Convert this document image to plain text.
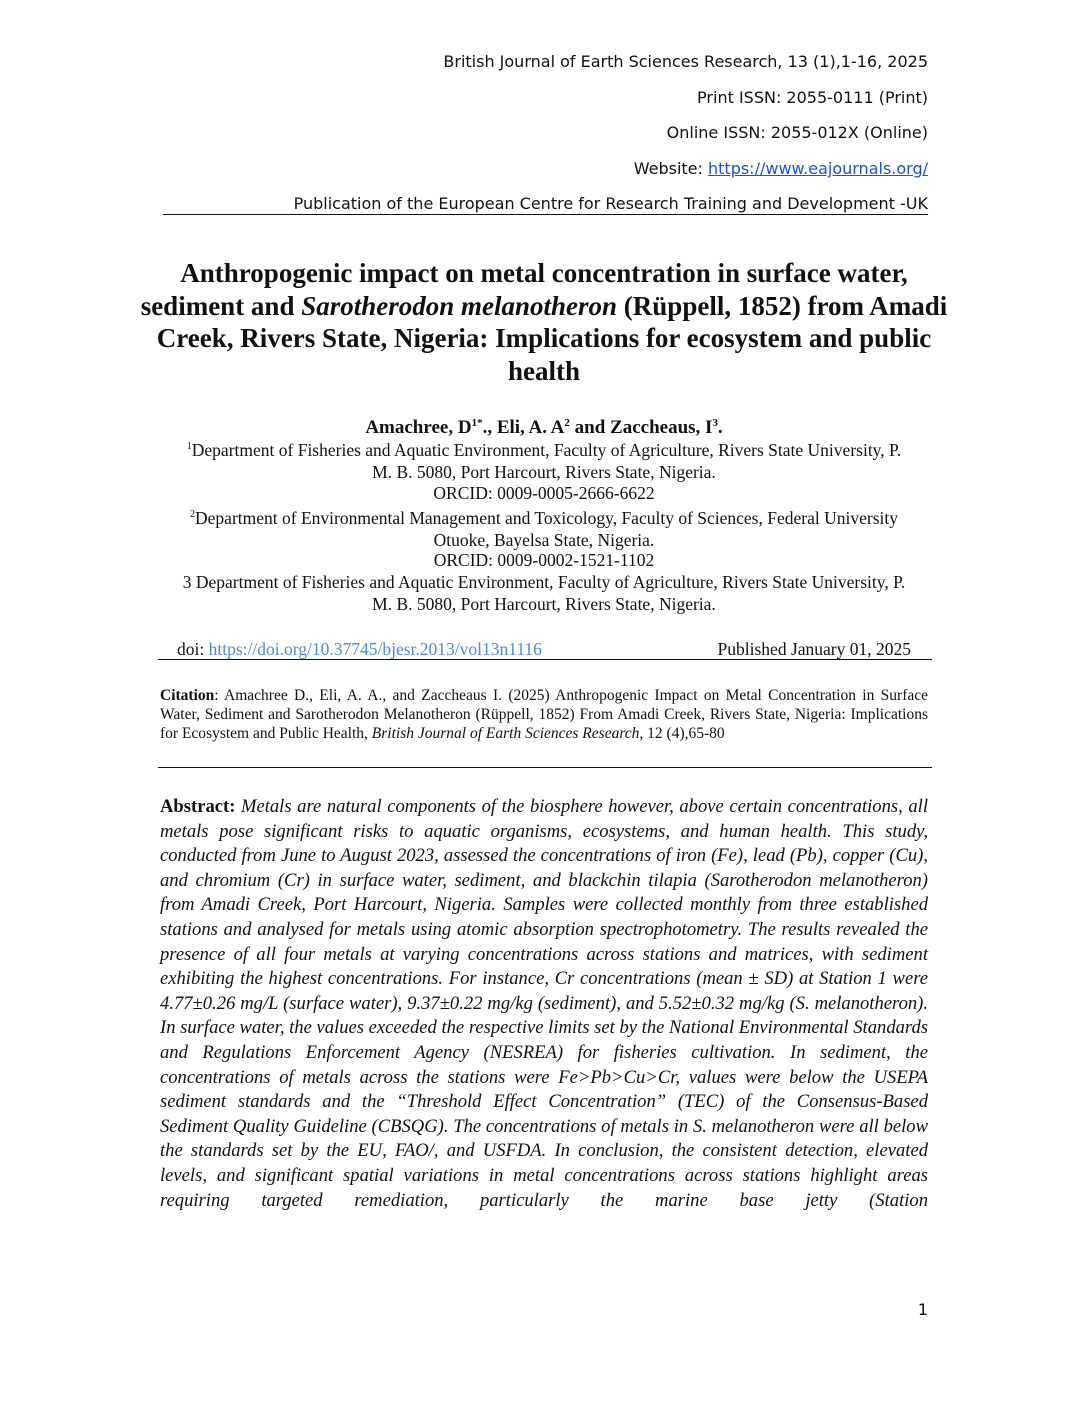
British Journal of Earth Sciences Research, 13 (1),1-16, 2025
Print ISSN: 2055-0111 (Print)
Online ISSN: 2055-012X (Online)
Website: https://www.eajournals.org/
Publication of the European Centre for Research Training and Development -UK
Anthropogenic impact on metal concentration in surface water, sediment and Sarotherodon melanotheron (Rüppell, 1852) from Amadi Creek, Rivers State, Nigeria: Implications for ecosystem and public health
Amachree, $D^{1*}$., Eli, A. $A^2$ and Zaccheaus, $I^3$.
$^1$Department of Fisheries and Aquatic Environment, Faculty of Agriculture, Rivers State University, P. M. B. 5080, Port Harcourt, Rivers State, Nigeria.
ORCID: 0009-0005-2666-6622
$^2$Department of Environmental Management and Toxicology, Faculty of Sciences, Federal University Otuoke, Bayelsa State, Nigeria.
ORCID: 0009-0002-1521-1102
3 Department of Fisheries and Aquatic Environment, Faculty of Agriculture, Rivers State University, P. M. B. 5080, Port Harcourt, Rivers State, Nigeria.
doi: https://doi.org/10.37745/bjesr.2013/vol13n1116	Published January 01, 2025
Citation: Amachree D., Eli, A. A., and Zaccheaus I. (2025) Anthropogenic Impact on Metal Concentration in Surface Water, Sediment and Sarotherodon Melanotheron (Rüppell, 1852) From Amadi Creek, Rivers State, Nigeria: Implications for Ecosystem and Public Health, British Journal of Earth Sciences Research, 12 (4),65-80
Abstract: Metals are natural components of the biosphere however, above certain concentrations, all metals pose significant risks to aquatic organisms, ecosystems, and human health. This study, conducted from June to August 2023, assessed the concentrations of iron (Fe), lead (Pb), copper (Cu), and chromium (Cr) in surface water, sediment, and blackchin tilapia (Sarotherodon melanotheron) from Amadi Creek, Port Harcourt, Nigeria. Samples were collected monthly from three established stations and analysed for metals using atomic absorption spectrophotometry. The results revealed the presence of all four metals at varying concentrations across stations and matrices, with sediment exhibiting the highest concentrations. For instance, Cr concentrations (mean ± SD) at Station 1 were 4.77±0.26 mg/L (surface water), 9.37±0.22 mg/kg (sediment), and 5.52±0.32 mg/kg (S. melanotheron). In surface water, the values exceeded the respective limits set by the National Environmental Standards and Regulations Enforcement Agency (NESREA) for fisheries cultivation. In sediment, the concentrations of metals across the stations were Fe>Pb>Cu>Cr, values were below the USEPA sediment standards and the “Threshold Effect Concentration” (TEC) of the Consensus-Based Sediment Quality Guideline (CBSQG). The concentrations of metals in S. melanotheron were all below the standards set by the EU, FAO/, and USFDA. In conclusion, the consistent detection, elevated levels, and significant spatial variations in metal concentrations across stations highlight areas requiring targeted remediation, particularly the marine base jetty (Station
1
